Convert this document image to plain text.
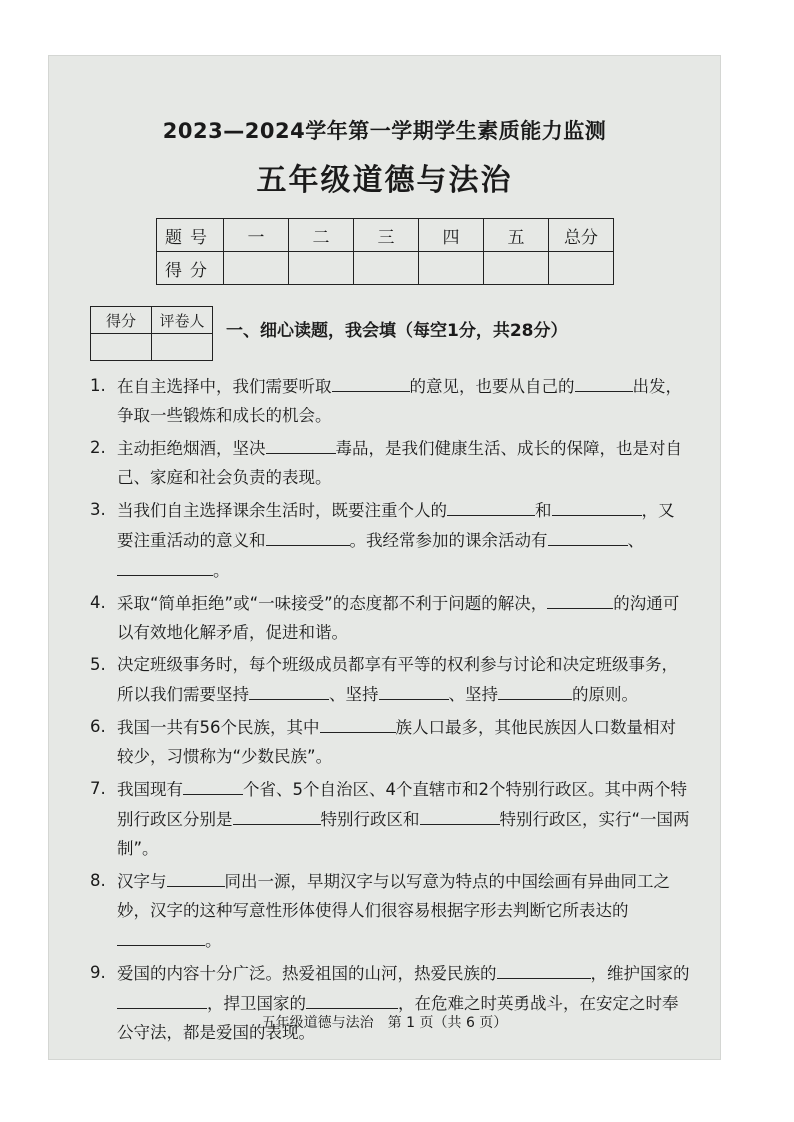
2023—2024学年第一学期学生素质能力监测
五年级道德与法治
题号	一	二	三	四	五	总分
得分						
得分	评卷人

一、细心读题，我会填（每空1分，共28分）
1. 在自主选择中，我们需要听取	的意见，也要从自己的	出发，争取一些锻炼和成长的机会。
2. 主动拒绝烟酒，坚决	毒品，是我们健康生活、成长的保障，也是对自己、家庭和社会负责的表现。
3. 当我们自主选择课余生活时，既要注重个人的	和	，又要注重活动的意义和	。我经常参加的课余活动有	、。
4. 采取“简单拒绝”或“一味接受”的态度都不利于问题的解决，	的沟通可以有效地化解矛盾，促进和谐。
5. 决定班级事务时，每个班级成员都享有平等的权利参与讨论和决定班级事务，所以我们需要坚持	、坚持	、坚持	的原则。
6. 我国一共有56个民族，其中	族人口最多，其他民族因人口数量相对较少，习惯称为“少数民族”。
7. 我国现有	个省、5个自治区、4个直辖市和2个特别行政区。其中两个特别行政区分别是	特别行政区和	特别行政区，实行“一国两制”。
8. 汉字与	同出一源，早期汉字与以写意为特点的中国绘画有异曲同工之妙，汉字的这种写意性形体使得人们很容易根据字形去判断它所表达的。
9. 爱国的内容十分广泛。热爱祖国的山河，热爱民族的	，维护国家的，捍卫国家的	，在危难之时英勇战斗，在安定之时奉公守法，都是爱国的表现。
五年级道德与法治　第 1 页（共 6 页）
